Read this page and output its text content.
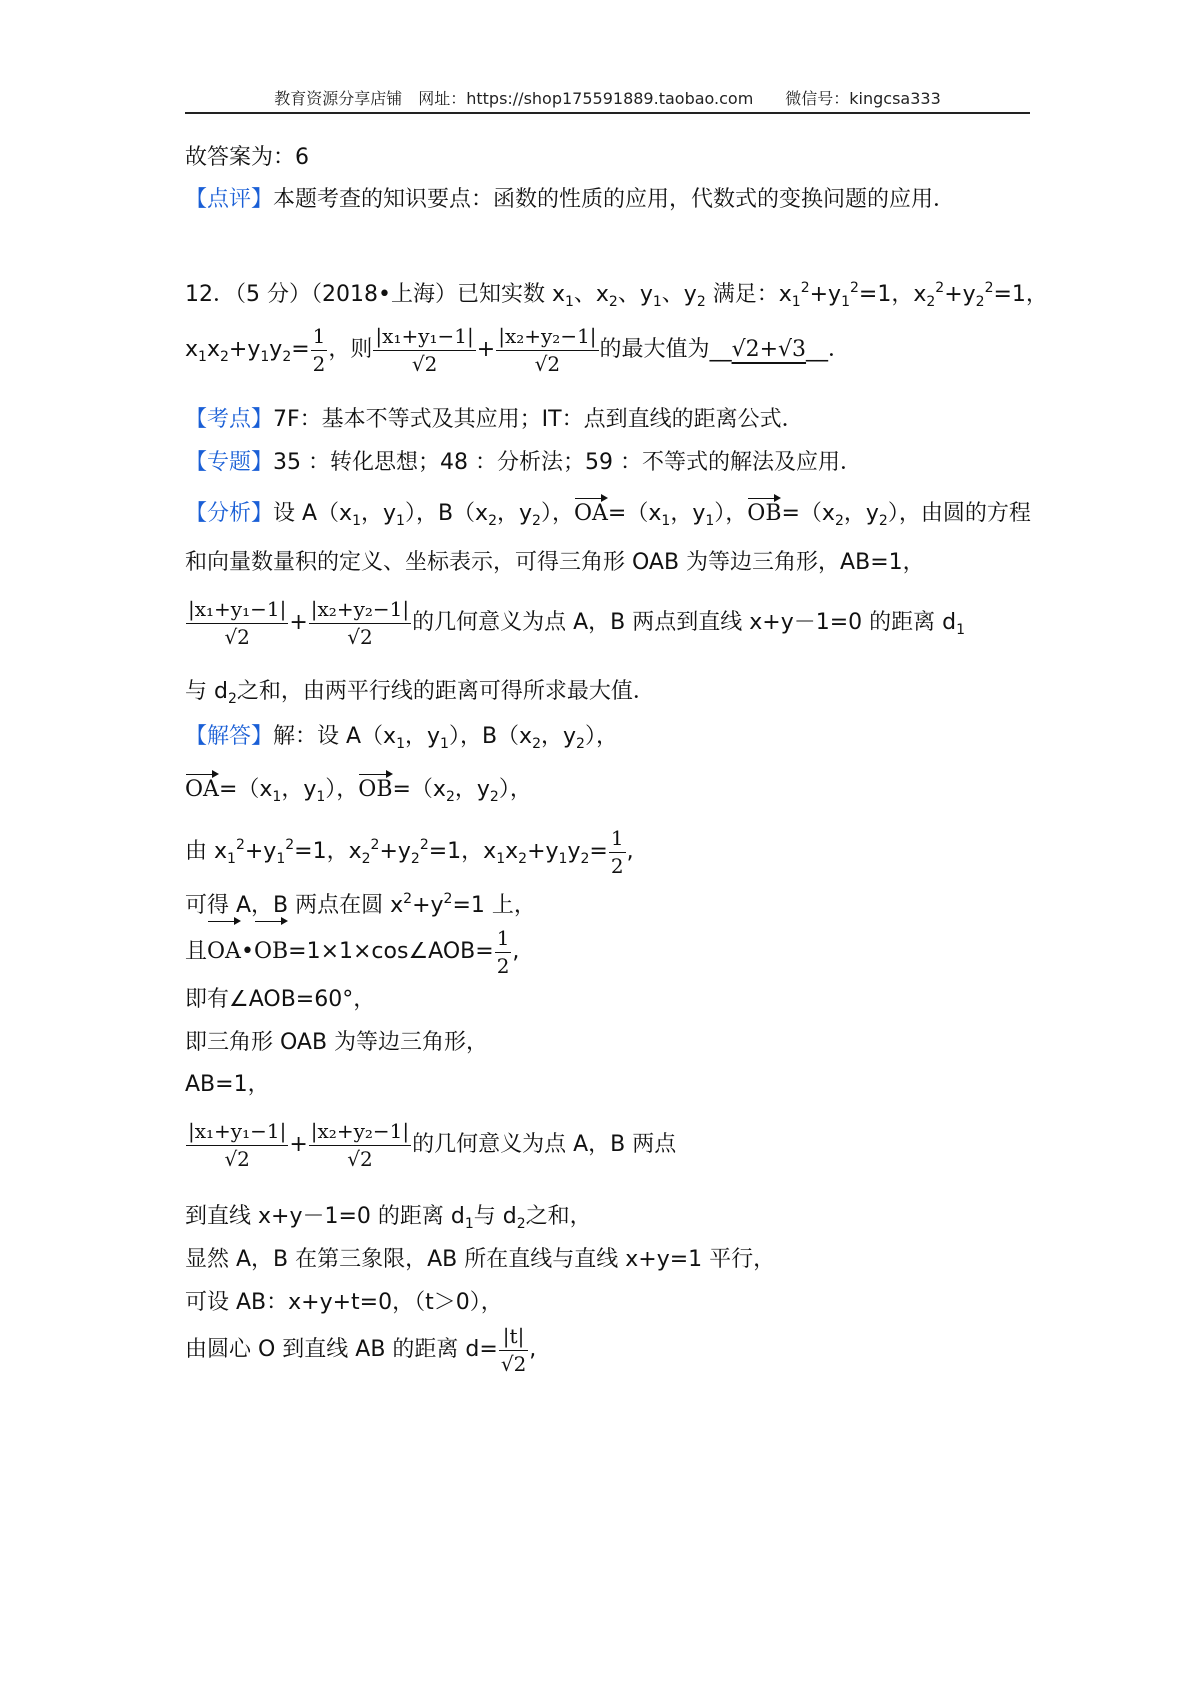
教育资源分享店铺　网址：https://shop175591889.taobao.com　　微信号：kingcsa333
故答案为：6
【点评】本题考查的知识要点：函数的性质的应用，代数式的变换问题的应用．
12．（5 分）（2018•上海）已知实数 $x_1$、$x_2$、$y_1$、$y_2$ 满足：$x_1^2+y_1^2=1$，$x_2^2+y_2^2=1$，
$x_1x_2+y_1y_2= \frac{1}{2}$ ，则 $\frac{\text{|x₁+y₁−1|}}{√2} + \frac{\text{|x₂+y₂−1|}}{√2}$ 的最大值为__√2+√3__．
【考点】7F：基本不等式及其应用；IT：点到直线的距离公式．
【专题】35 ：转化思想；48 ：分析法；59 ：不等式的解法及应用．
【分析】设 $A(x_1$，$y_1$），$B(x_2$，$y_2$），$OA=(x_1$，$y_1$），$OB=(x_2$，$y_2$），由圆的方程
和向量数量积的定义、坐标表示，可得三角形 OAB 为等边三角形，AB=1，
$\frac{\text{|x₁+y₁−1|}}{√2} + \frac{\text{|x₂+y₂−1|}}{√2}$ 的几何意义为点 A，B 两点到直线 x+y－1=0 的距离 $d_1$
与 $d_2$之和，由两平行线的距离可得所求最大值．
【解答】解：设 $A(x_1$，$y_1$），$B(x_2$，$y_2$），
$OA=(x_1$，$y_1$），$OB=(x_2$，$y_2$），
由 $x_1^2+y_1^2=1$，$x_2^2+y_2^2=1$，$x_1x_2+y_1y_2= \frac{1}{2}$ ,
可得 A，B 两点在圆 $x^2+y^2=1$ 上，
且OA•OB=1×1×cos∠AOB= $\frac{1}{2}$ ,
即有∠AOB=60°，
即三角形 OAB 为等边三角形，
AB=1，
$\frac{\text{|x₁+y₁−1|}}{√2} + \frac{\text{|x₂+y₂−1|}}{√2}$ 的几何意义为点 A，B 两点
到直线 x+y－1=0 的距离 $d_1$与 $d_2$之和，
显然 A，B 在第三象限，AB 所在直线与直线 x+y=1 平行，
可设 AB：x+y+t=0，（t＞0），
由圆心 O 到直线 AB 的距离 $d= \frac{|t|}{√2}$ ,
